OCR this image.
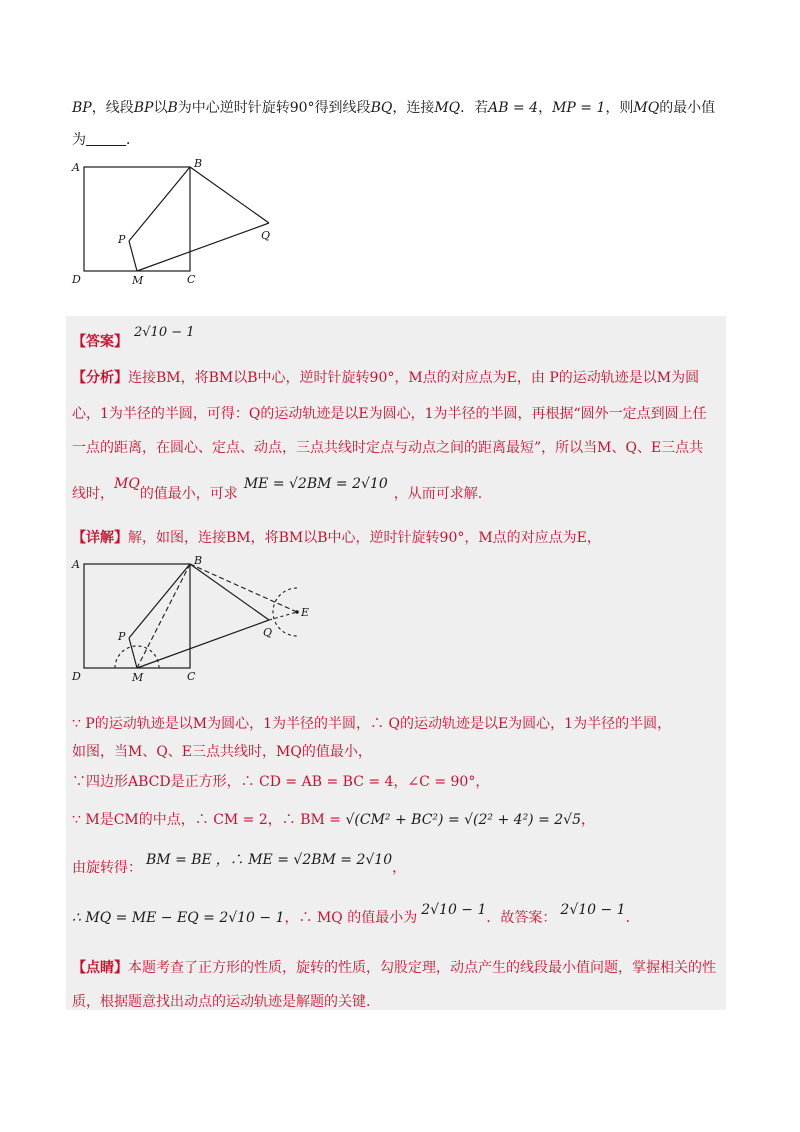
BP，线段BP以B为中心逆时针旋转90°得到线段BQ，连接MQ．若AB = 4，MP = 1，则MQ的最小值
为	．
A	B
D	M	C
P	Q
【答案】2√10 − 1
【分析】连接BM，将BM以B中心，逆时针旋转90°，M点的对应点为E，由 P的运动轨迹是以M为圆
心，1为半径的半圆，可得：Q的运动轨迹是以E为圆心，1为半径的半圆，再根据“圆外一定点到圆上任
一点的距离，在圆心、定点、动点，三点共线时定点与动点之间的距离最短”，所以当M、Q、E三点共
线时，MQ的值最小，可求ME = √2BM = 2√10，从而可求解.
【详解】解，如图，连接BM，将BM以B中心，逆时针旋转90°，M点的对应点为E，
A	B
D	M	C
P	Q
E
∵ P的运动轨迹是以M为圆心，1为半径的半圆，∴ Q的运动轨迹是以E为圆心，1为半径的半圆，
如图，当M、Q、E三点共线时，MQ的值最小，
∵四边形ABCD是正方形，∴ CD = AB = BC = 4，∠C = 90°，
∵ M是CM的中点，∴ CM = 2，∴ BM = √(CM² + BC²) = √(2² + 4²) = 2√5，
由旋转得： BM = BE ，∴ ME = √2BM = 2√10，
∴ MQ = ME − EQ = 2√10 − 1，∴ MQ 的值最小为 2√10 − 1．故答案： 2√10 − 1．
【点睛】本题考查了正方形的性质，旋转的性质，勾股定理，动点产生的线段最小值问题，掌握相关的性
质，根据题意找出动点的运动轨迹是解题的关键.
